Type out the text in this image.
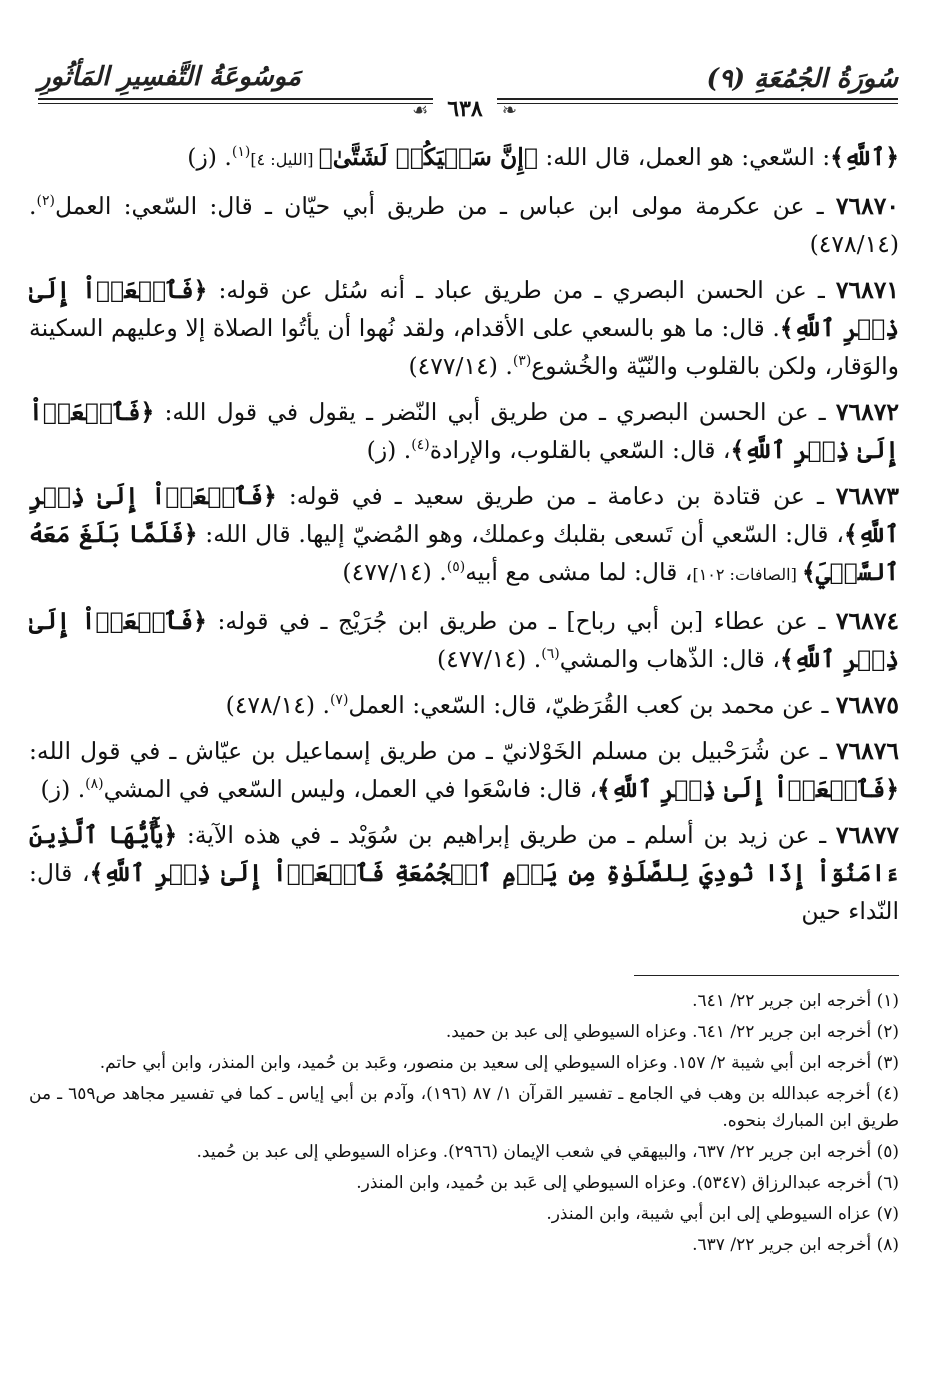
سُورَةُ الجُمُعَةِ (٩)
مَوسُوعَةُ التَّفسِيرِ المَأثُورِ
❧ ٦٣٨ ☙

﴿ٱللَّهِ﴾: السّعي: هو العمل، قال الله: ﴿إِنَّ سَعۡيَكُمۡ لَشَتَّىٰ﴾ [الليل: ٤]$^{(١)}$. (ز)

٧٦٨٧٠ ـ عن عكرمة مولى ابن عباس ـ من طريق أبي حيّان ـ قال: السّعي: العمل$^{(٢)}$. (٤٧٨/١٤)

٧٦٨٧١ ـ عن الحسن البصري ـ من طريق عباد ـ أنه سُئل عن قوله: ﴿فَٱسۡعَوۡاْ إِلَىٰ ذِكۡرِ ٱللَّهِ﴾. قال: ما هو بالسعي على الأقدام، ولقد نُهوا أن يأتُوا الصلاة إلا وعليهم السكينة والوَقار، ولكن بالقلوب والنّيّة والخُشوع$^{(٣)}$. (٤٧٧/١٤)

٧٦٨٧٢ ـ عن الحسن البصري ـ من طريق أبي النّضر ـ يقول في قول الله: ﴿فَٱسۡعَوۡاْ إِلَىٰ ذِكۡرِ ٱللَّهِ﴾، قال: السّعي بالقلوب، والإرادة$^{(٤)}$. (ز)

٧٦٨٧٣ ـ عن قتادة بن دعامة ـ من طريق سعيد ـ في قوله: ﴿فَٱسۡعَوۡاْ إِلَىٰ ذِكۡرِ ٱللَّهِ﴾، قال: السّعي أن تَسعى بقلبك وعملك، وهو المُضيّ إليها. قال الله: ﴿فَلَمَّا بَلَغَ مَعَهُ ٱلسَّعۡيَ﴾ [الصافات: ١٠٢]، قال: لما مشى مع أبيه$^{(٥)}$. (٤٧٧/١٤)

٧٦٨٧٤ ـ عن عطاء [بن أبي رباح] ـ من طريق ابن جُرَيْج ـ في قوله: ﴿فَٱسۡعَوۡاْ إِلَىٰ ذِكۡرِ ٱللَّهِ﴾، قال: الذّهاب والمشي$^{(٦)}$. (٤٧٧/١٤)

٧٦٨٧٥ ـ عن محمد بن كعب القُرَظيّ، قال: السّعي: العمل$^{(٧)}$. (٤٧٨/١٤)

٧٦٨٧٦ ـ عن شُرَحْبيل بن مسلم الخَوْلانيّ ـ من طريق إسماعيل بن عيّاش ـ في قول الله: ﴿فَٱسۡعَوۡاْ إِلَىٰ ذِكۡرِ ٱللَّهِ﴾، قال: فاسْعَوا في العمل، وليس السّعي في المشي$^{(٨)}$. (ز)

٧٦٨٧٧ ـ عن زيد بن أسلم ـ من طريق إبراهيم بن سُوَيْد ـ في هذه الآية: ﴿يَٰٓأَيُّهَا ٱلَّذِينَ ءَامَنُوٓاْ إِذَا نُودِيَ لِلصَّلَوٰةِ مِن يَوۡمِ ٱلۡجُمُعَةِ فَٱسۡعَوۡاْ إِلَىٰ ذِكۡرِ ٱللَّهِ﴾، قال: النّداء حين

(١) أخرجه ابن جرير ٢٢/ ٦٤١.

(٢) أخرجه ابن جرير ٢٢/ ٦٤١. وعزاه السيوطي إلى عبد بن حميد.

(٣) أخرجه ابن أبي شيبة ٢/ ١٥٧. وعزاه السيوطي إلى سعيد بن منصور، وعَبد بن حُميد، وابن المنذر، وابن أبي حاتم.

(٤) أخرجه عبدالله بن وهب في الجامع ـ تفسير القرآن ١/ ٨٧ (١٩٦)، وآدم بن أبي إياس ـ كما في تفسير مجاهد ص٦٥٩ ـ من طريق ابن المبارك بنحوه.

(٥) أخرجه ابن جرير ٢٢/ ٦٣٧، والبيهقي في شعب الإيمان (٢٩٦٦). وعزاه السيوطي إلى عبد بن حُميد.

(٦) أخرجه عبدالرزاق (٥٣٤٧). وعزاه السيوطي إلى عَبد بن حُميد، وابن المنذر.

(٧) عزاه السيوطي إلى ابن أبي شيبة، وابن المنذر.

(٨) أخرجه ابن جرير ٢٢/ ٦٣٧.
